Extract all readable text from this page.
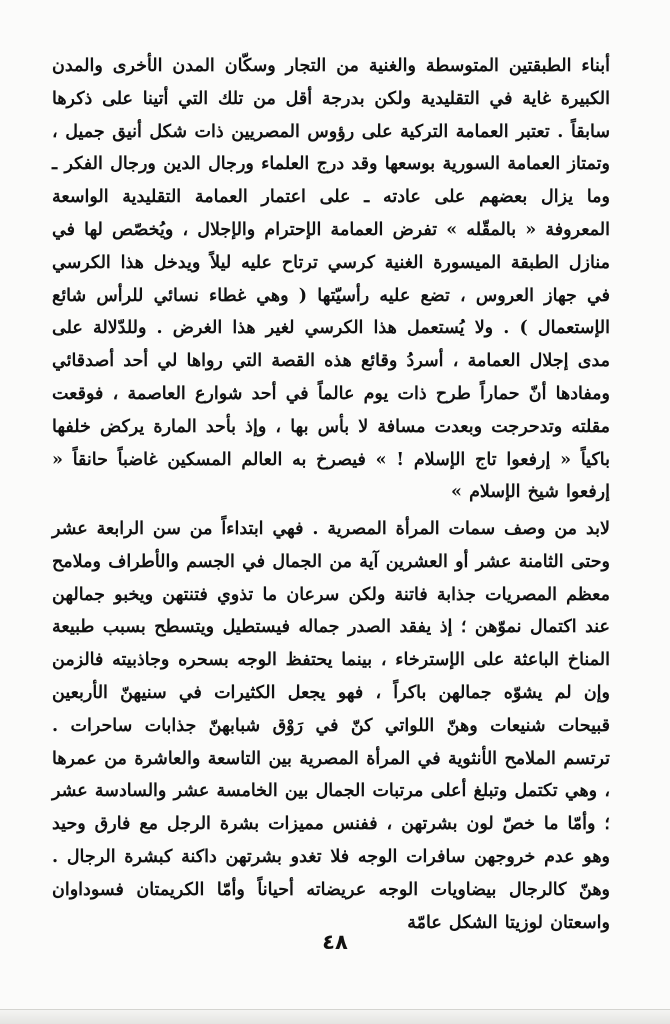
أبناء الطبقتين المتوسطة والغنية من التجار وسكّان المدن الأخرى والمدن الكبيرة غاية في التقليدية ولكن بدرجة أقل من تلك التي أتينا على ذكرها سابقاً . تعتبر العمامة التركية على رؤوس المصريين ذات شكل أنيق جميل ، وتمتاز العمامة السورية بوسعها وقد درج العلماء ورجال الدين ورجال الفكر ـ وما يزال بعضهم على عادته ـ على اعتمار العمامة التقليدية الواسعة المعروفة « بالمقّله » تفرض العمامة الإحترام والإجلال ، ويُخصّص لها في منازل الطبقة الميسورة الغنية كرسي ترتاح عليه ليلاً ويدخل هذا الكرسي في جهاز العروس ، تضع عليه رأسيّتها ( وهي غطاء نسائي للرأس شائع الإستعمال ) . ولا يُستعمل هذا الكرسي لغير هذا الغرض . وللدّلالة على مدى إجلال العمامة ، أسردُ وقائع هذه القصة التي رواها لي أحد أصدقائي ومفادها أنّ حماراً طرح ذات يوم عالماً في أحد شوارع العاصمة ، فوقعت مقلته وتدحرجت وبعدت مسافة لا بأس بها ، وإذ بأحد المارة يركض خلفها باكياً « إرفعوا تاج الإسلام ! » فيصرخ به العالم المسكين غاضباً حانقاً « إرفعوا شيخ الإسلام »

لابد من وصف سمات المرأة المصرية . فهي ابتداءاً من سن الرابعة عشر وحتى الثامنة عشر أو العشرين آية من الجمال في الجسم والأطراف وملامح معظم المصريات جذابة فاتنة ولكن سرعان ما تذوي فتنتهن ويخبو جمالهن عند اكتمال نموّهن ؛ إذ يفقد الصدر جماله فيستطيل ويتسطح بسبب طبيعة المناخ الباعثة على الإسترخاء ، بينما يحتفظ الوجه بسحره وجاذبيته فالزمن وإن لم يشوّه جمالهن باكراً ، فهو يجعل الكثيرات في سنيهنّ الأربعين قبيحات شنيعات وهنّ اللواتي كنّ في رَوْق شبابهنّ جذابات ساحرات . ترتسم الملامح الأنثوية في المرأة المصرية بين التاسعة والعاشرة من عمرها ، وهي تكتمل وتبلغ أعلى مرتبات الجمال بين الخامسة عشر والسادسة عشر ؛ وأمّا ما خصّ لون بشرتهن ، ففنس مميزات بشرة الرجل مع فارق وحيد وهو عدم خروجهن سافرات الوجه فلا تغدو بشرتهن داكنة كبشرة الرجال . وهنّ كالرجال بيضاويات الوجه عريضاته أحياناً وأمّا الكريمتان فسوداوان واسعتان لوزيتا الشكل عامّة

٤٨
